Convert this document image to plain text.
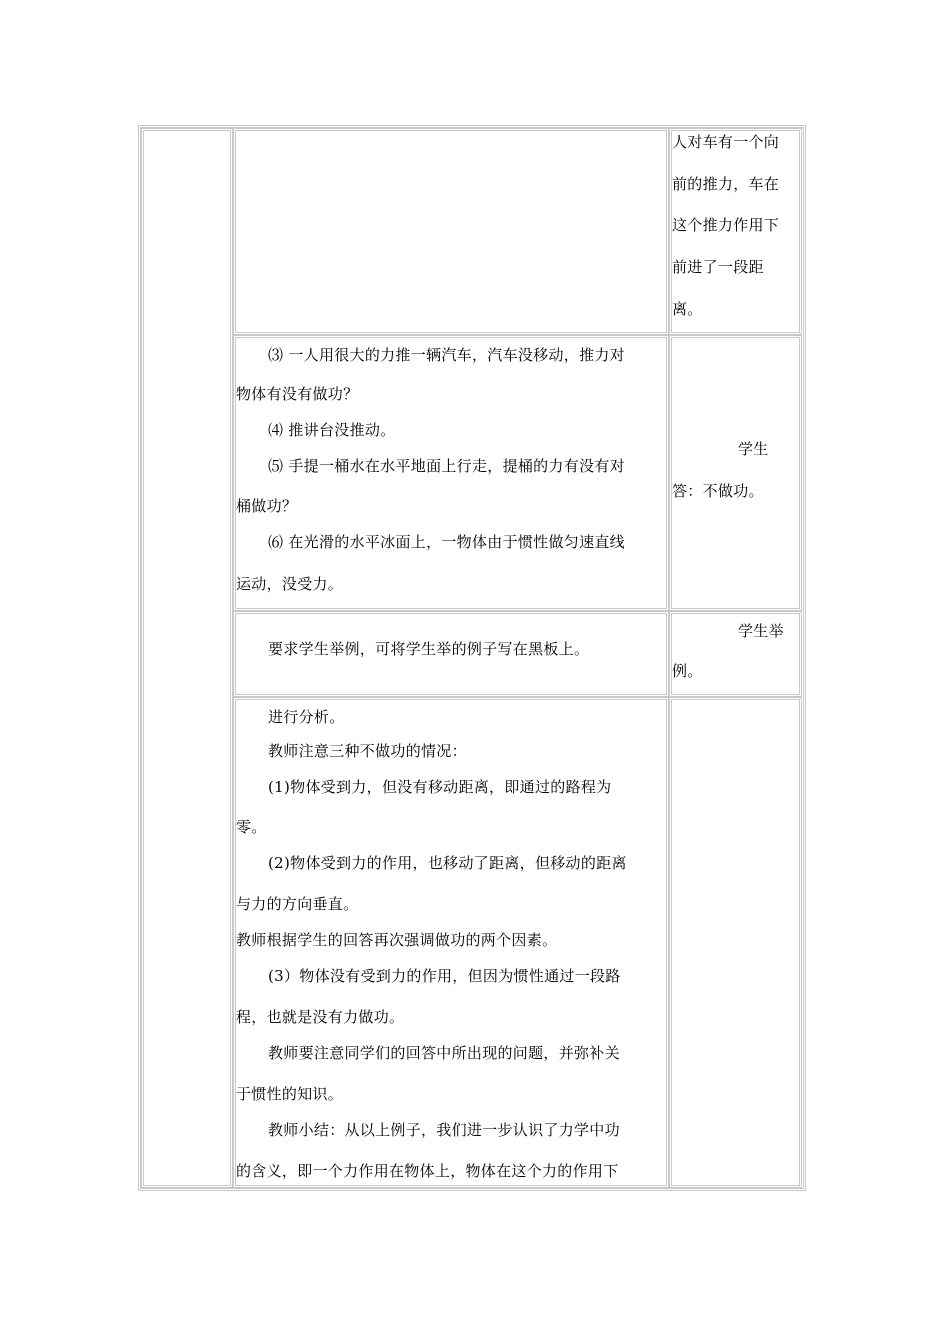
人对车有一个向
前的推力，车在
这个推力作用下
前进了一段距
离。
⑶ 一人用很大的力推一辆汽车，汽车没移动，推力对
物体有没有做功？
⑷ 推讲台没推动。
⑸ 手提一桶水在水平地面上行走，提桶的力有没有对
桶做功？
⑹ 在光滑的水平冰面上，一物体由于惯性做匀速直线
运动，没受力。
学生
答：不做功。
要求学生举例，可将学生举的例子写在黑板上。
学生举
例。
进行分析。
教师注意三种不做功的情况：
(1)物体受到力，但没有移动距离，即通过的路程为
零。
(2)物体受到力的作用，也移动了距离，但移动的距离
与力的方向垂直。
教师根据学生的回答再次强调做功的两个因素。
(3）物体没有受到力的作用，但因为惯性通过一段路
程，也就是没有力做功。
教师要注意同学们的回答中所出现的问题，并弥补关
于惯性的知识。
教师小结：从以上例子，我们进一步认识了力学中功
的含义，即一个力作用在物体上，物体在这个力的作用下
